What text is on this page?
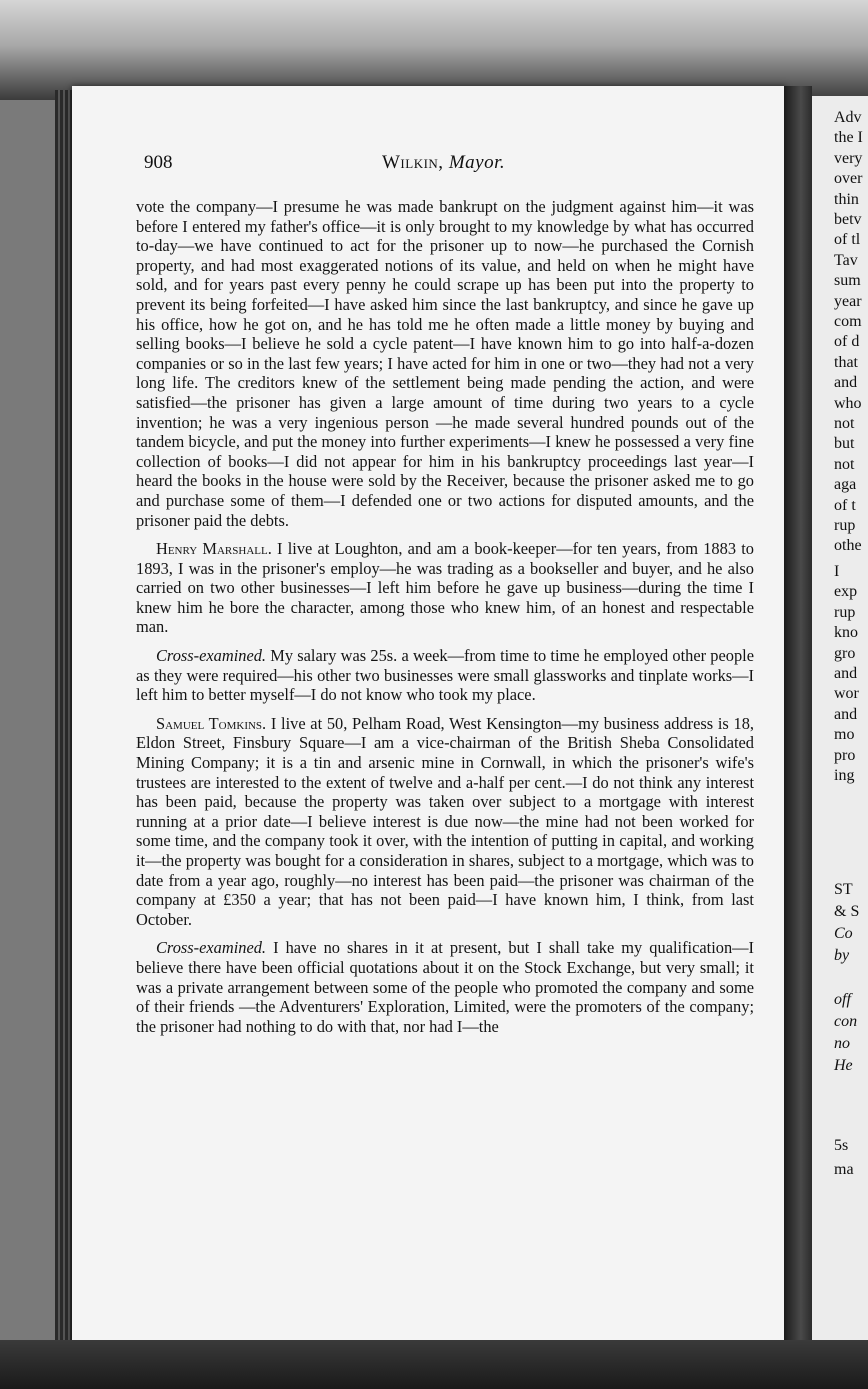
Adv
the I
very
over
thin
betv
of tl
Tav
sum
year
com
of d
that
and
who
not
but
not
aga
of t
rup
othe
I
exp
rup
kno
gro
and
wor
and
mo
pro
ing
ST
& S
Co
by
off
con
no
He
5s
ma
908	Wilkin, Mayor.

vote the company—I presume he was made bankrupt on the judgment against him—it was before I entered my father's office—it is only brought to my knowledge by what has occurred to-day—we have continued to act for the prisoner up to now—he purchased the Cornish property, and had most exaggerated notions of its value, and held on when he might have sold, and for years past every penny he could scrape up has been put into the property to prevent its being forfeited—I have asked him since the last bankruptcy, and since he gave up his office, how he got on, and he has told me he often made a little money by buying and selling books—I believe he sold a cycle patent—I have known him to go into half-a-dozen companies or so in the last few years; I have acted for him in one or two—they had not a very long life. The creditors knew of the settlement being made pending the action, and were satisfied—the prisoner has given a large amount of time during two years to a cycle invention; he was a very ingenious person —he made several hundred pounds out of the tandem bicycle, and put the money into further experiments—I knew he possessed a very fine collection of books—I did not appear for him in his bankruptcy proceedings last year—I heard the books in the house were sold by the Receiver, because the prisoner asked me to go and purchase some of them—I defended one or two actions for disputed amounts, and the prisoner paid the debts.

Henry Marshall. I live at Loughton, and am a book-keeper—for ten years, from 1883 to 1893, I was in the prisoner's employ—he was trading as a bookseller and buyer, and he also carried on two other businesses—I left him before he gave up business—during the time I knew him he bore the character, among those who knew him, of an honest and respectable man.

Cross-examined. My salary was 25s. a week—from time to time he employed other people as they were required—his other two businesses were small glassworks and tinplate works—I left him to better myself—I do not know who took my place.

Samuel Tomkins. I live at 50, Pelham Road, West Kensington—my business address is 18, Eldon Street, Finsbury Square—I am a vice-chairman of the British Sheba Consolidated Mining Company; it is a tin and arsenic mine in Cornwall, in which the prisoner's wife's trustees are interested to the extent of twelve and a-half per cent.—I do not think any interest has been paid, because the property was taken over subject to a mortgage with interest running at a prior date—I believe interest is due now—the mine had not been worked for some time, and the company took it over, with the intention of putting in capital, and working it—the property was bought for a consideration in shares, subject to a mortgage, which was to date from a year ago, roughly—no interest has been paid—the prisoner was chairman of the company at £350 a year; that has not been paid—I have known him, I think, from last October.

Cross-examined. I have no shares in it at present, but I shall take my qualification—I believe there have been official quotations about it on the Stock Exchange, but very small; it was a private arrangement between some of the people who promoted the company and some of their friends —the Adventurers' Exploration, Limited, were the promoters of the company; the prisoner had nothing to do with that, nor had I—the
